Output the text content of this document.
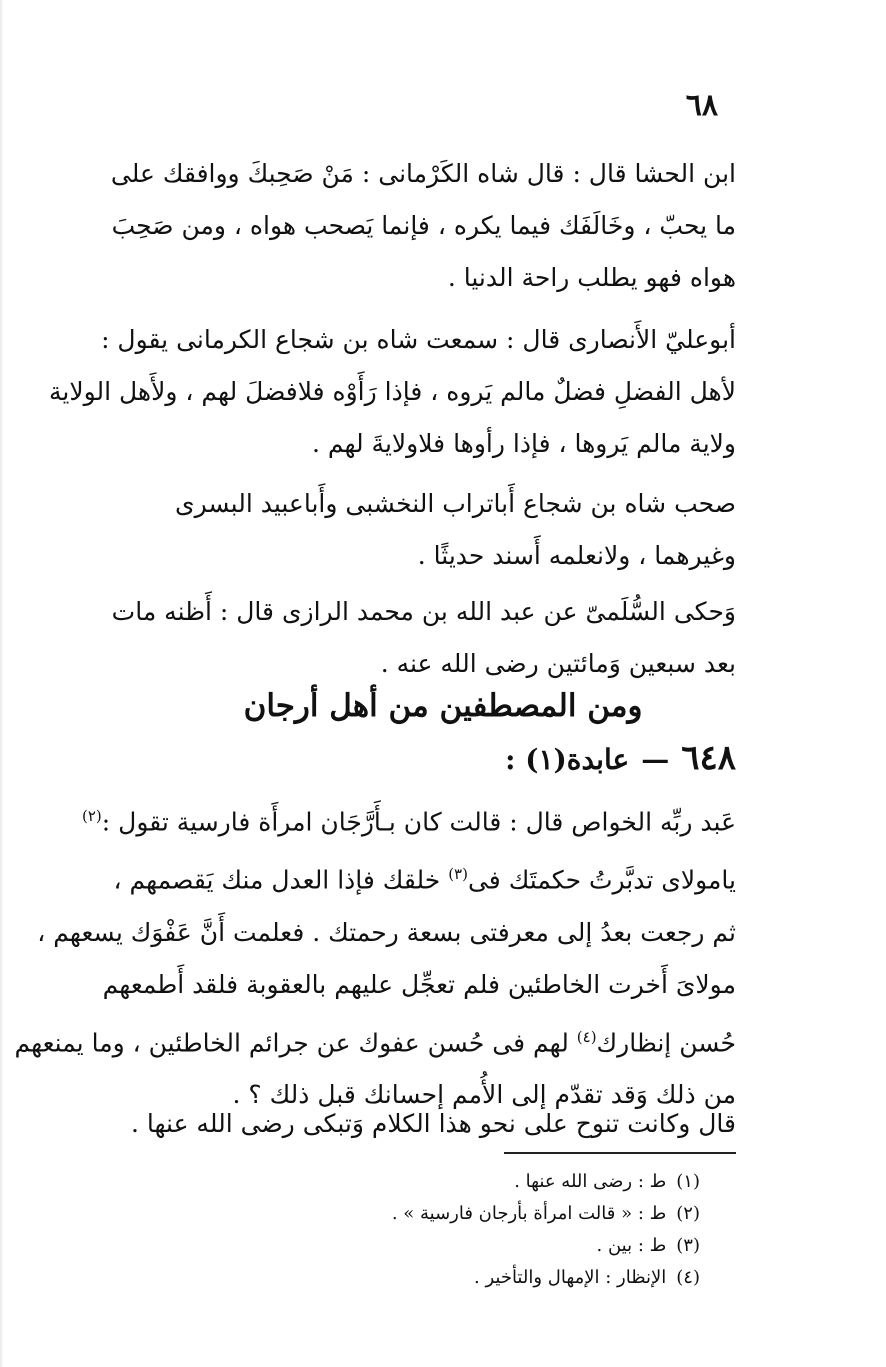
٦٨
ابن الحشا قال : قال شاه الكَرْمانى : مَنْ صَحِبكَ ووافقك على
ما يحبّ ، وخَالَفَك فيما يكره ، فإنما يَصحب هواه ، ومن صَحِبَ
هواه فهو يطلب راحة الدنيا .
أبوعليّ الأَنصارى قال : سمعت شاه بن شجاع الكرمانى يقول :
لأهل الفضلِ فضلٌ مالم يَروه ، فإذا رَأَوْه فلافضلَ لهم ، ولأَهل الولاية
ولاية مالم يَروها ، فإذا رأوها فلاولايةَ لهم .
صحب شاه بن شجاع أَباتراب النخشبى وأَباعبيد البسرى
وغيرهما ، ولانعلمه أَسند حديثًا .
وَحكى السُّلَمىّ عن عبد الله بن محمد الرازى قال : أَظنه مات
بعد سبعين وَمائتين رضى الله عنه .
ومن المصطفين من أهل أرجان
٦٤٨
—
عابدة(١) :
عَبد ربِّه الخواص قال : قالت كان بـأَرَّجَان امرأَة فارسية تقول :$^{(٢)}$
ياموﻻى تدبَّرتُ حكمتَك فى$^{(٣)}$ خلقك فإذا العدل منك يَقصمهم ،
ثم رجعت بعدُ إلى معرفتى بسعة رحمتك . فعلمت أَنَّ عَفْوَك يسعهم ،
موﻻىَ أَخرت الخاطئين فلم تعجِّل عليهم بالعقوبة فلقد أَطمعهم
حُسن إنظارك$^{(٤)}$ لهم فى حُسن عفوك عن جرائم الخاطئين ، وما يمنعهم
من ذلك وَقد تقدّم إلى الأُمم إحسانك قبل ذلك ؟ .
قال وكانت تنوح على نحو هذا الكلام وَتبكى رضى الله عنها .
(١)ط : رضى الله عنها .
(٢)ط : « قالت امرأة بأرجان فارسية » .
(٣)ط : بين .
(٤)الإنظار : الإمهال والتأخير .
